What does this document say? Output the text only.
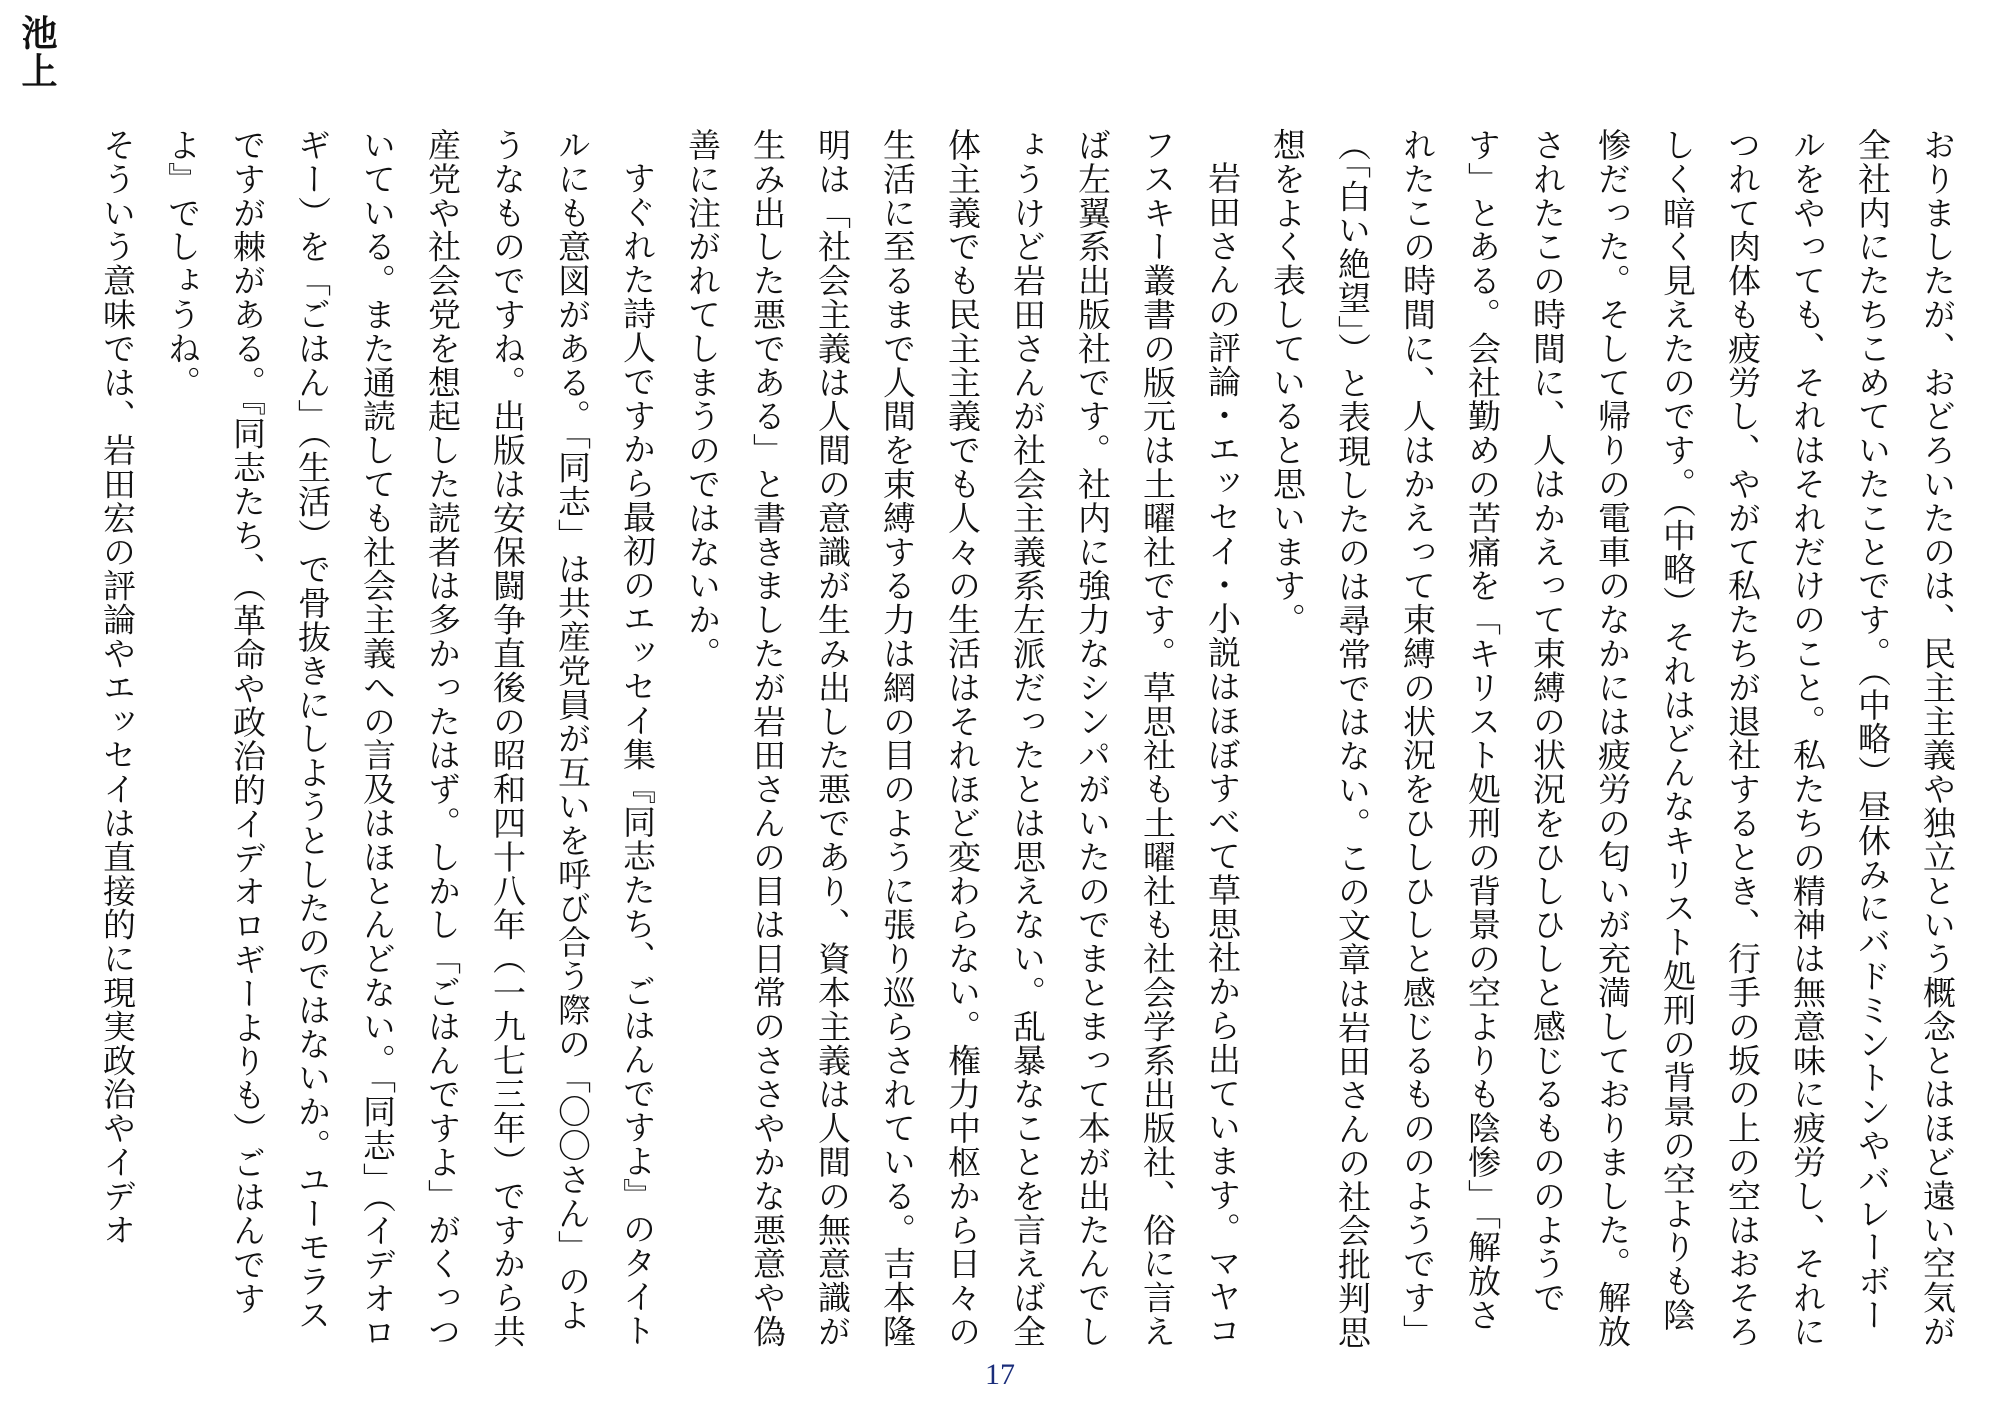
池上

おりましたが、おどろいたのは、民主主義や独立という概念とはほど遠い空気が全社内にたちこめていたことです。（中略）昼休みにバドミントンやバレーボールをやっても、それはそれだけのこと。私たちの精神は無意味に疲労し、それにつれて肉体も疲労し、やがて私たちが退社するとき、行手の坂の上の空はおそろしく暗く見えたのです。（中略）それはどんなキリスト処刑の背景の空よりも陰惨だった。そして帰りの電車のなかには疲労の匂いが充満しておりました。解放されたこの時間に、人はかえって束縛の状況をひしひしと感じるもののようです」とある。会社勤めの苦痛を「キリスト処刑の背景の空よりも陰惨」「解放されたこの時間に、人はかえって束縛の状況をひしひしと感じるもののようです」（「白い絶望」）と表現したのは尋常ではない。この文章は岩田さんの社会批判思想をよく表していると思います。

岩田さんの評論・エッセイ・小説はほぼすべて草思社から出ています。マヤコフスキー叢書の版元は土曜社です。草思社も土曜社も社会学系出版社、俗に言えば左翼系出版社です。社内に強力なシンパがいたのでまとまって本が出たんでしょうけど岩田さんが社会主義系左派だったとは思えない。乱暴なことを言えば全体主義でも民主主義でも人々の生活はそれほど変わらない。権力中枢から日々の生活に至るまで人間を束縛する力は網の目のように張り巡らされている。吉本隆明は「社会主義は人間の意識が生み出した悪であり、資本主義は人間の無意識が生み出した悪である」と書きましたが岩田さんの目は日常のささやかな悪意や偽善に注がれてしまうのではないか。

すぐれた詩人ですから最初のエッセイ集『同志たち、ごはんですよ』のタイトルにも意図がある。「同志」は共産党員が互いを呼び合う際の「〇〇さん」のようなものですね。出版は安保闘争直後の昭和四十八年（一九七三年）ですから共産党や社会党を想起した読者は多かったはず。しかし「ごはんですよ」がくっついている。また通読しても社会主義への言及はほとんどない。「同志」（イデオロギー）を「ごはん」（生活）で骨抜きにしようとしたのではないか。ユーモラスですが棘がある。『同志たち、（革命や政治的イデオロギーよりも）ごはんですよ』でしょうね。

そういう意味では、岩田宏の評論やエッセイは直接的に現実政治やイデオ

17
